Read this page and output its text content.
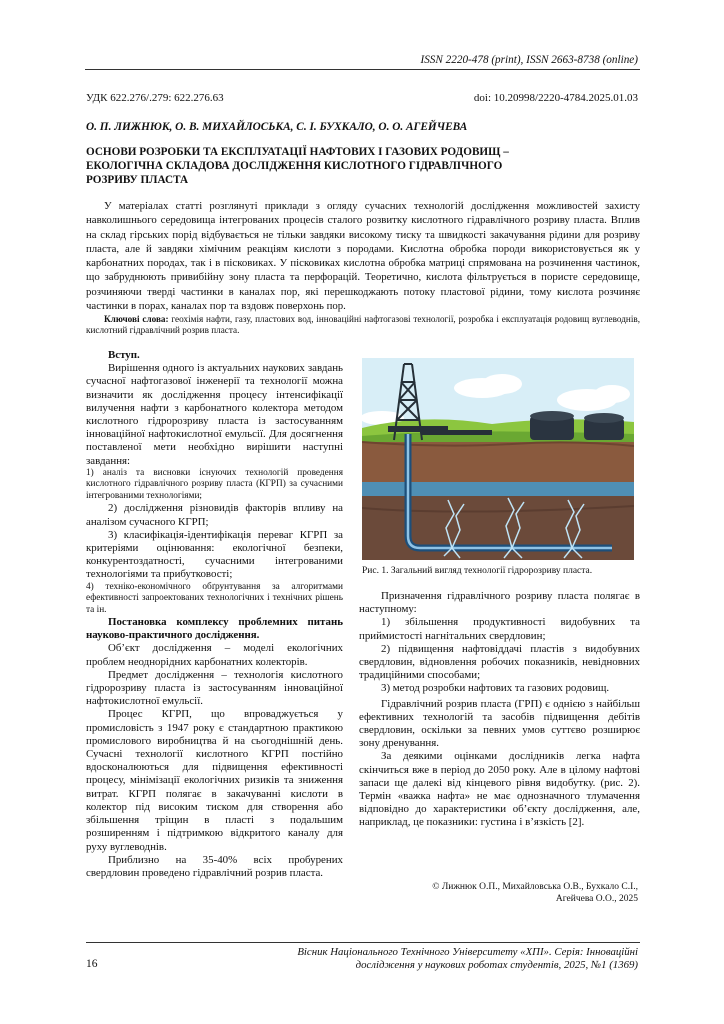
ISSN 2220-478 (print), ISSN 2663-8738 (online)
УДК 622.276/.279: 622.276.63	doi: 10.20998/2220-4784.2025.01.03
О. П. ЛИЖНЮК, О. В. МИХАЙЛОСЬКА, С. І. БУХКАЛО, О. О. АГЕЙЧЕВА
ОСНОВИ РОЗРОБКИ ТА ЕКСПЛУАТАЦІЇ НАФТОВИХ І ГАЗОВИХ РОДОВИЩ –
ЕКОЛОГІЧНА СКЛАДОВА ДОСЛІДЖЕННЯ КИСЛОТНОГО ГІДРАВЛІЧНОГО
РОЗРИВУ ПЛАСТА

У матеріалах статті розглянуті приклади з огляду сучасних технологій дослідження можливостей захисту навколишнього середовища інтегрованих процесів сталого розвитку кислотного гідравлічного розриву пласта. Вплив на склад гірських порід відбувається не тільки завдяки високому тиску та швидкості закачування рідини для розриву пласта, але й завдяки хімічним реакціям кислоти з породами. Кислотна обробка породи використовується як у карбонатних породах, так і в пісковиках. У пісковиках кислотна обробка матриці спрямована на розчинення частинок, що забруднюють привибійну зону пласта та перфорацій. Теоретично, кислота фільтрується в пористе середовище, розчиняючи тверді частинки в каналах пор, які перешкоджають потоку пластової рідини, тому кислота розчиняє частинки в порах, каналах пор та вздовж поверхонь пор.

Ключові слова: геохімія нафти, газу, пластових вод, інноваційні нафтогазові технології, розробка і експлуатація родовищ вуглеводнів, кислотний гідравлічний розрив пласта.

Вступ.

Вирішення одного із актуальних наукових завдань сучасної нафтогазової інженерії та технології можна визначити як дослідження процесу інтенсифікації вилучення нафти з карбонатного колектора методом кислотного гідророзриву пласта із застосуванням інноваційної нафтокислотної емульсії. Для досягнення поставленої мети необхідно вирішити наступні завдання:

1) аналіз та висновки існуючих технологій проведення кислотного гідравлічного розриву пласта (КГРП) за сучасними інтегрованими технологіями;

2) дослідження різновидів факторів впливу на аналізом сучасного КГРП;

3) класифікація-ідентифікація переваг КГРП за критеріями оцінювання: екологічної безпеки, конкурентоздатності, сучасними інтегрованими технологіями та прибутковості;

4) техніко-економічного обґрунтування за алгоритмами ефективності запроектованих технологічних і технічних рішень та ін.

Постановка комплексу проблемних питань науково-практичного дослідження.

Об’єкт дослідження – моделі екологічних проблем неоднорідних карбонатних колекторів.

Предмет дослідження – технологія кислотного гідророзриву пласта із застосуванням інноваційної нафтокислотної емульсії.

Процес КГРП, що впроваджується у промисловість з 1947 року є стандартною практикою промислового виробництва й на сьогоднішній день. Сучасні технології кислотного КГРП постійно вдосконалюються для підвищення ефективності процесу, мінімізації екологічних ризиків та зниження витрат. КГРП полягає в закачуванні кислоти в колектор під високим тиском для створення або збільшення тріщин в пласті з подальшим розширенням і підтримкою відкритого каналу для руху вуглеводнів.

Приблизно на 35-40% всіх пробурених свердловин проведено гідравлічний розрив пласта.

Рис. 1. Загальний вигляд технології гідророзриву пласта.

Призначення гідравлічного розриву пласта полягає в наступному:

1) збільшення продуктивності видобувних та приймистості нагнітальних свердловин;

2) підвищення нафтовіддачі пластів з видобувних свердловин, відновлення робочих показників, невідновних традиційними способами;

3) метод розробки нафтових та газових родовищ.

Гідравлічний розрив пласта (ГРП) є однією з найбільш ефективних технологій та засобів підвищення дебітів свердловин, оскільки за певних умов суттєво розширює зону дренування.

За деякими оцінками дослідників легка нафта скінчиться вже в період до 2050 року. Але в цілому нафтові запаси ще далекі від кінцевого рівня видобутку. (рис. 2). Термін «важка нафта» не має однозначного тлумачення відповідно до характеристики об’єкту дослідження, але, наприклад, це показники: густина і в’язкість [2].

© Лижнюк О.П., Михайловська О.В., Бухкало С.І.,
Агейчева О.О., 2025
16
Вісник Національного Технічного Університету «ХПІ». Серія: Інноваційні
дослідження у наукових роботах студентів, 2025, №1 (1369)
